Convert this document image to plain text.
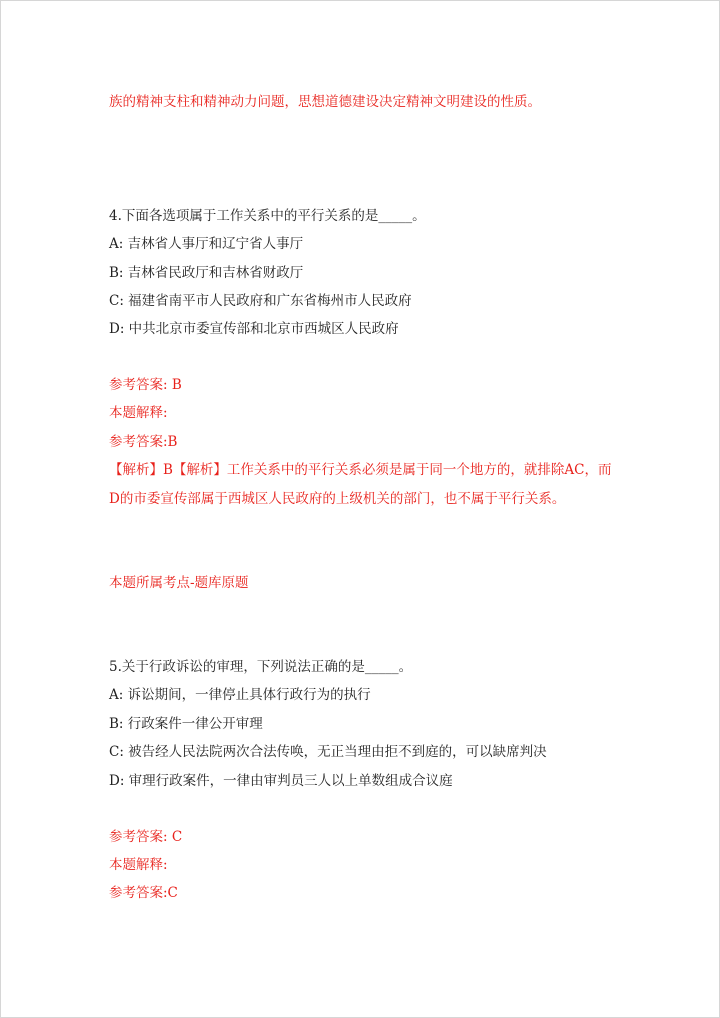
族的精神支柱和精神动力问题，思想道德建设决定精神文明建设的性质。
4.下面各选项属于工作关系中的平行关系的是_____。
A: 吉林省人事厅和辽宁省人事厅
B: 吉林省民政厅和吉林省财政厅
C: 福建省南平市人民政府和广东省梅州市人民政府
D: 中共北京市委宣传部和北京市西城区人民政府
参考答案: B
本题解释:
参考答案:B
【解析】B【解析】工作关系中的平行关系必须是属于同一个地方的，就排除AC，而D的市委宣传部属于西城区人民政府的上级机关的部门，也不属于平行关系。
本题所属考点-题库原题
5.关于行政诉讼的审理，下列说法正确的是_____。
A: 诉讼期间，一律停止具体行政行为的执行
B: 行政案件一律公开审理
C: 被告经人民法院两次合法传唤，无正当理由拒不到庭的，可以缺席判决
D: 审理行政案件，一律由审判员三人以上单数组成合议庭
参考答案: C
本题解释:
参考答案:C
